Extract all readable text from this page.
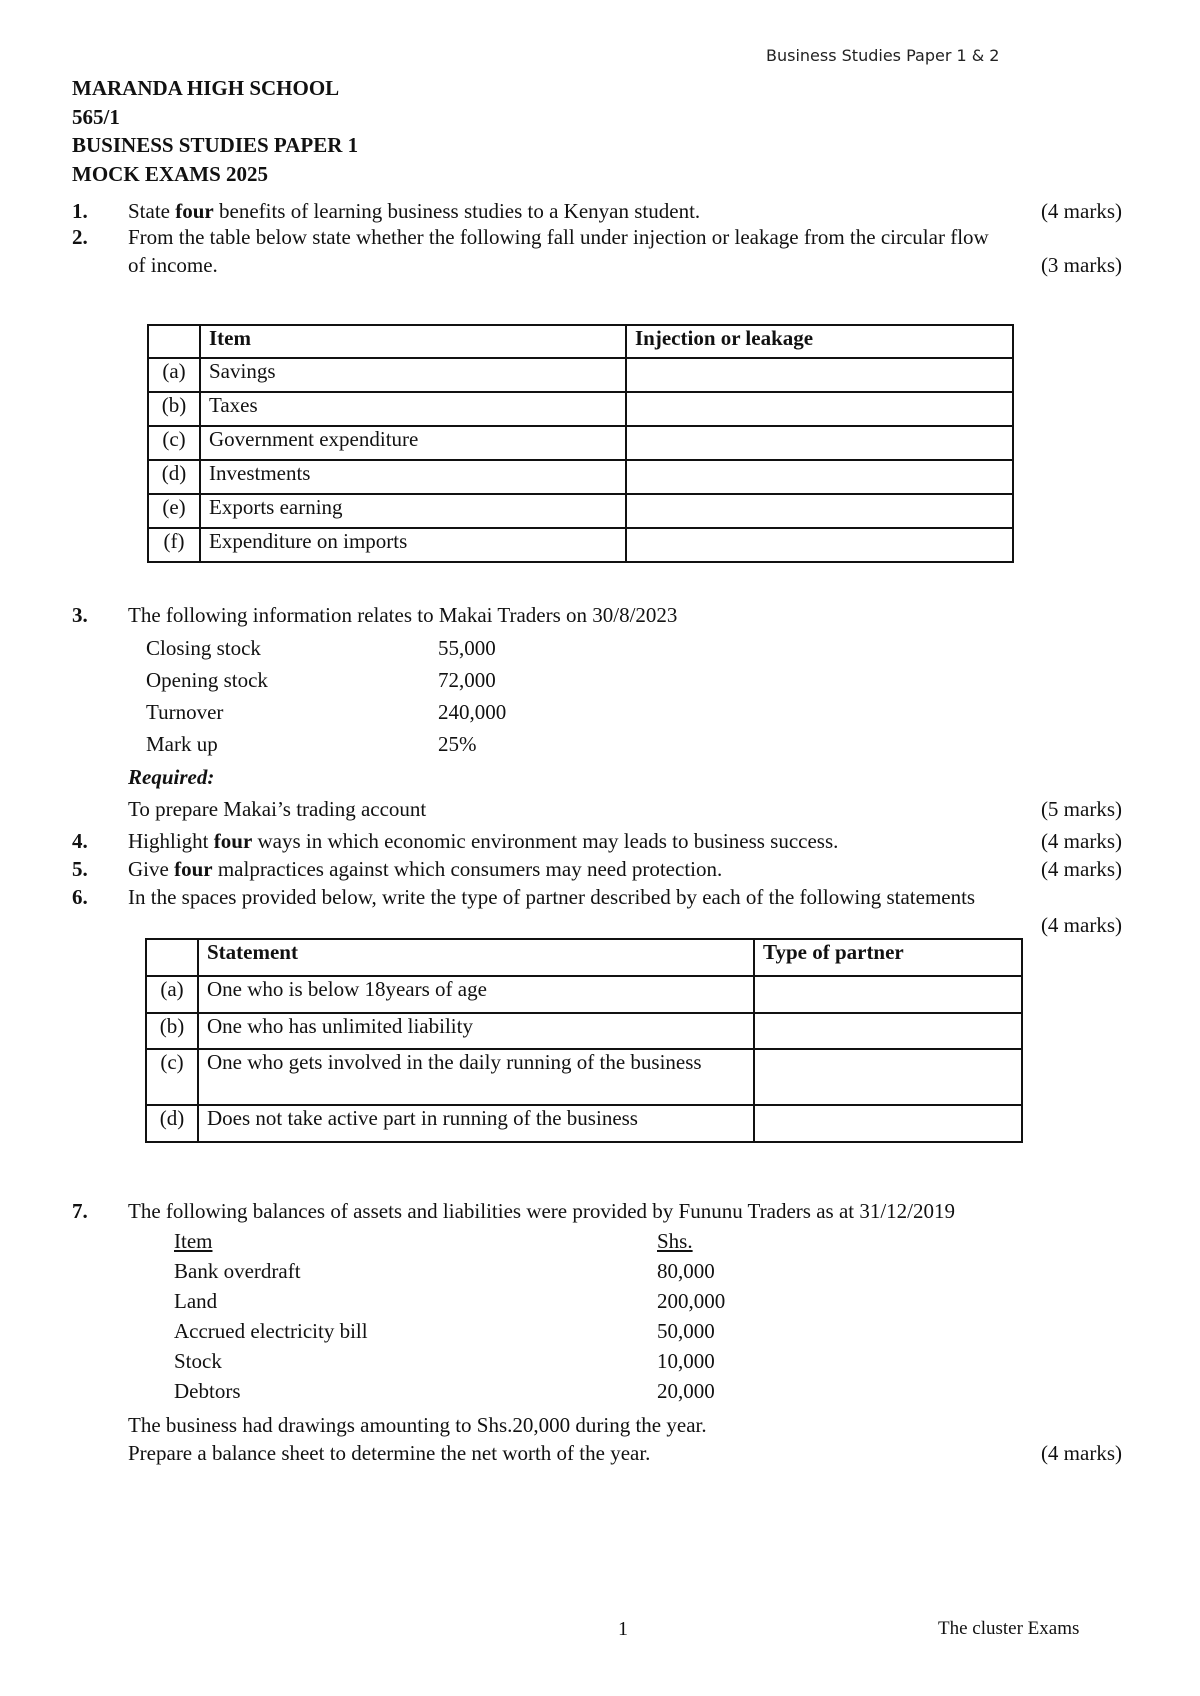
Business Studies Paper 1 & 2
MARANDA HIGH SCHOOL
565/1
BUSINESS STUDIES PAPER 1
MOCK EXAMS 2025
1. State four benefits of learning business studies to a Kenyan student.	(4 marks)
2. From the table below state whether the following fall under injection or leakage from the circular flow
of income.	(3 marks)
	Item	Injection or leakage
(a)	Savings	
(b)	Taxes	
(c)	Government expenditure	
(d)	Investments	
(e)	Exports earning	
(f)	Expenditure on imports	
3. The following information relates to Makai Traders on 30/8/2023
Closing stock	55,000
Opening stock	72,000
Turnover	240,000
Mark up	25%
Required:
To prepare Makai’s trading account	(5 marks)
4. Highlight four ways in which economic environment may leads to business success.	(4 marks)
5. Give four malpractices against which consumers may need protection.	(4 marks)
6. In the spaces provided below, write the type of partner described by each of the following statements
(4 marks)
	Statement	Type of partner
(a)	One who is below 18years of age	
(b)	One who has unlimited liability	
(c)	One who gets involved in the daily running of the business	
(d)	Does not take active part in running of the business	
7. The following balances of assets and liabilities were provided by Fununu Traders as at 31/12/2019
Item	Shs.
Bank overdraft	80,000
Land	200,000
Accrued electricity bill	50,000
Stock	10,000
Debtors	20,000
The business had drawings amounting to Shs.20,000 during the year.
Prepare a balance sheet to determine the net worth of the year.	(4 marks)
1	The cluster Exams
